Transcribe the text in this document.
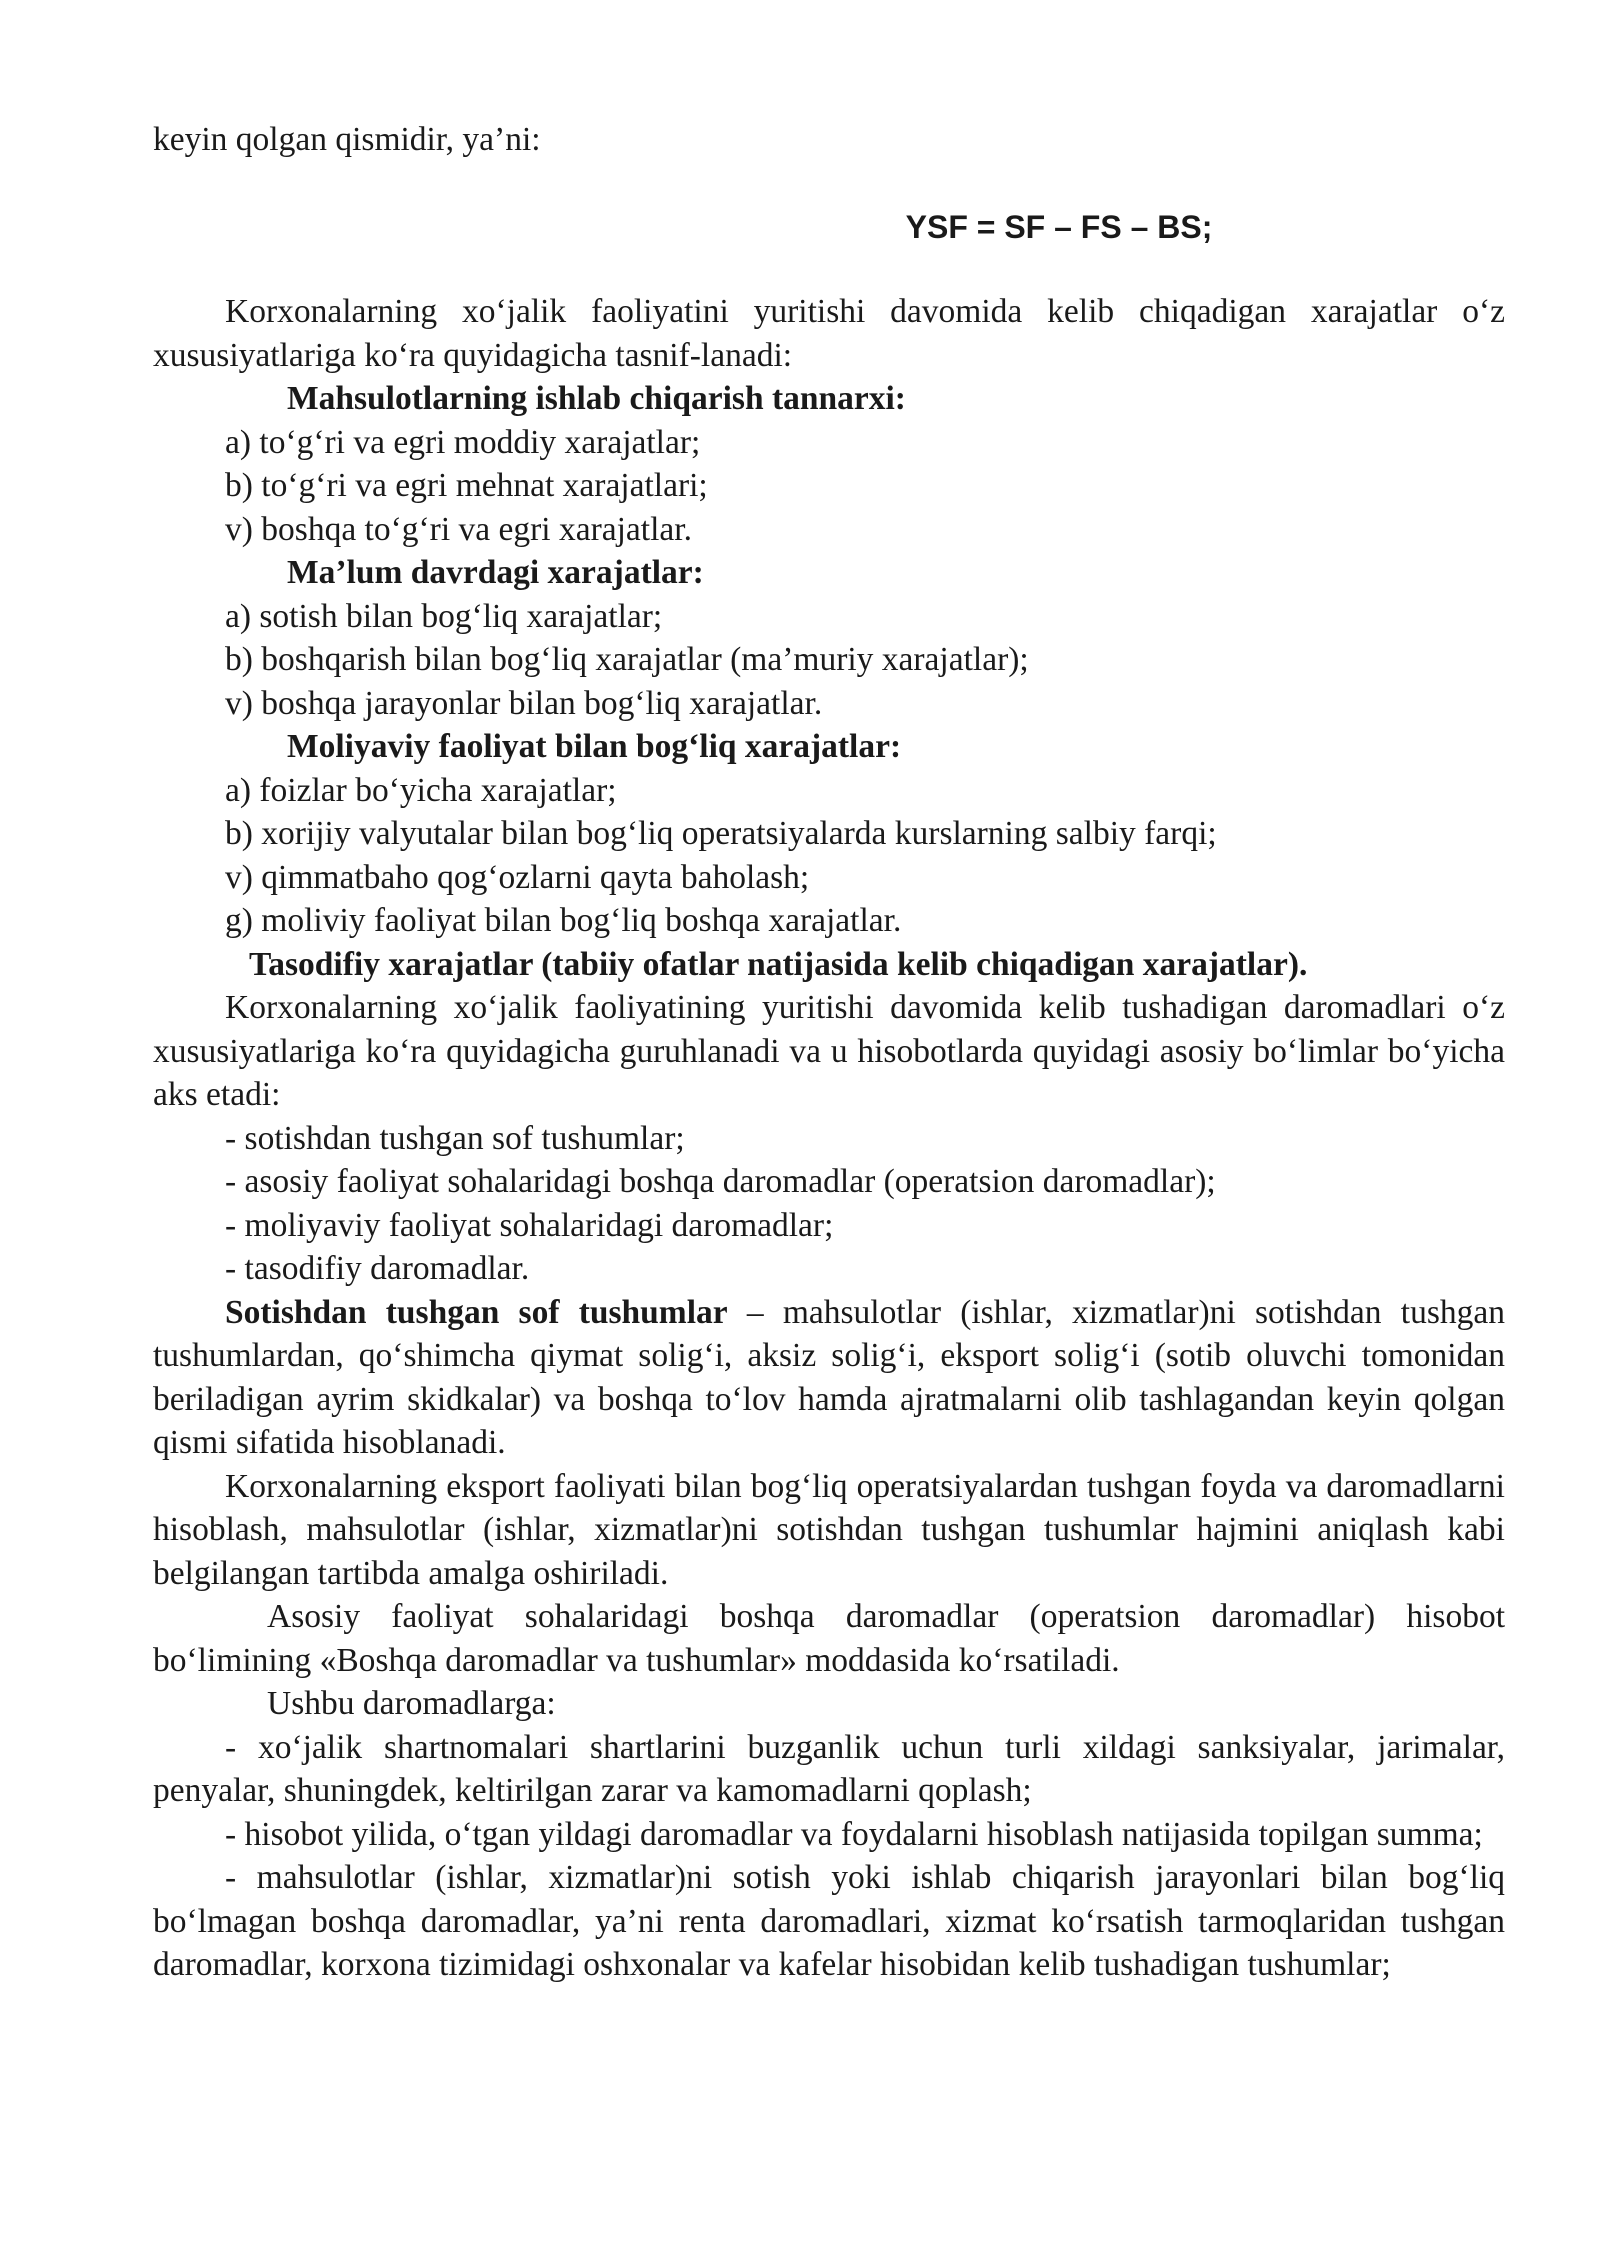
keyin qolgan qismidir, ya’ni:

YSF = SF – FS – BS;

Korxonalarning xo‘jalik faoliyatini yuritishi davomida kelib chiqadigan xarajatlar o‘z xususiyatlariga ko‘ra quyidagicha tasnif-lanadi:

Mahsulotlarning ishlab chiqarish tannarxi:

a) to‘g‘ri va egri moddiy xarajatlar;

b) to‘g‘ri va egri mehnat xarajatlari;

v) boshqa to‘g‘ri va egri xarajatlar.

Ma’lum davrdagi xarajatlar:

a) sotish bilan bog‘liq xarajatlar;

b) boshqarish bilan bog‘liq xarajatlar (ma’muriy xarajatlar);

v) boshqa jarayonlar bilan bog‘liq xarajatlar.

Moliyaviy faoliyat bilan bog‘liq xarajatlar:

a) foizlar bo‘yicha xarajatlar;

b) xorijiy valyutalar bilan bog‘liq operatsiyalarda kurslarning salbiy farqi;

v) qimmatbaho qog‘ozlarni qayta baholash;

g) moliviy faoliyat bilan bog‘liq boshqa xarajatlar.

Tasodifiy xarajatlar (tabiiy ofatlar natijasida kelib chiqadigan xarajatlar).

Korxonalarning xo‘jalik faoliyatining yuritishi davomida kelib tushadigan daromadlari o‘z xususiyatlariga ko‘ra quyidagicha guruhlanadi va u hisobotlarda quyidagi asosiy bo‘limlar bo‘yicha aks etadi:

- sotishdan tushgan sof tushumlar;

- asosiy faoliyat sohalaridagi boshqa daromadlar (operatsion daromadlar);

- moliyaviy faoliyat sohalaridagi daromadlar;

- tasodifiy daromadlar.

Sotishdan tushgan sof tushumlar – mahsulotlar (ishlar, xizmatlar)ni sotishdan tushgan tushumlardan, qo‘shimcha qiymat solig‘i, aksiz solig‘i, eksport solig‘i (sotib oluvchi tomonidan beriladigan ayrim skidkalar) va boshqa to‘lov hamda ajratmalarni olib tashlagandan keyin qolgan qismi sifatida hisoblanadi.

Korxonalarning eksport faoliyati bilan bog‘liq operatsiyalardan tushgan foyda va daromadlarni hisoblash, mahsulotlar (ishlar, xizmatlar)ni sotishdan tushgan tushumlar hajmini aniqlash kabi belgilangan tartibda amalga oshiriladi.

Asosiy faoliyat sohalaridagi boshqa daromadlar (operatsion daromadlar) hisobot bo‘limining «Boshqa daromadlar va tushumlar» moddasida ko‘rsatiladi.

Ushbu daromadlarga:

- xo‘jalik shartnomalari shartlarini buzganlik uchun turli xildagi sanksiyalar, jarimalar, penyalar, shuningdek, keltirilgan zarar va kamomadlarni qoplash;

- hisobot yilida, o‘tgan yildagi daromadlar va foydalarni hisoblash natijasida topilgan summa;

- mahsulotlar (ishlar, xizmatlar)ni sotish yoki ishlab chiqarish jarayonlari bilan bog‘liq bo‘lmagan boshqa daromadlar, ya’ni renta daromadlari, xizmat ko‘rsatish tarmoqlaridan tushgan daromadlar, korxona tizimidagi oshxonalar va kafelar hisobidan kelib tushadigan tushumlar;
